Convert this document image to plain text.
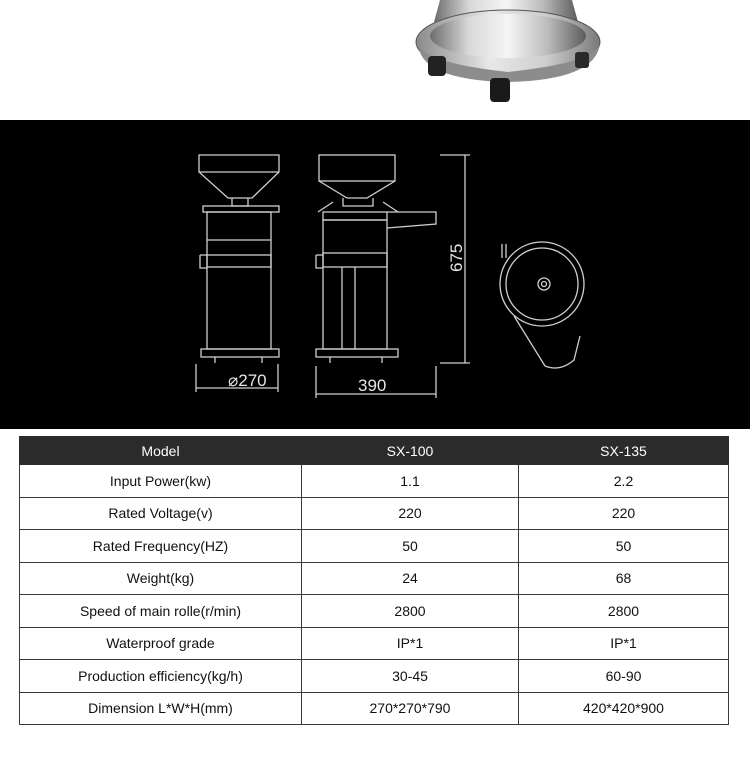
⌀270	390
675
Model	SX-100	SX-135
Input Power(kw)	1.1	2.2
Rated Voltage(v)	220	220
Rated Frequency(HZ)	50	50
Weight(kg)	24	68
Speed of main rolle(r/min)	2800	2800
Waterproof grade	IP*1	IP*1
Production efficiency(kg/h)	30-45	60-90
Dimension L*W*H(mm)	270*270*790	420*420*900
